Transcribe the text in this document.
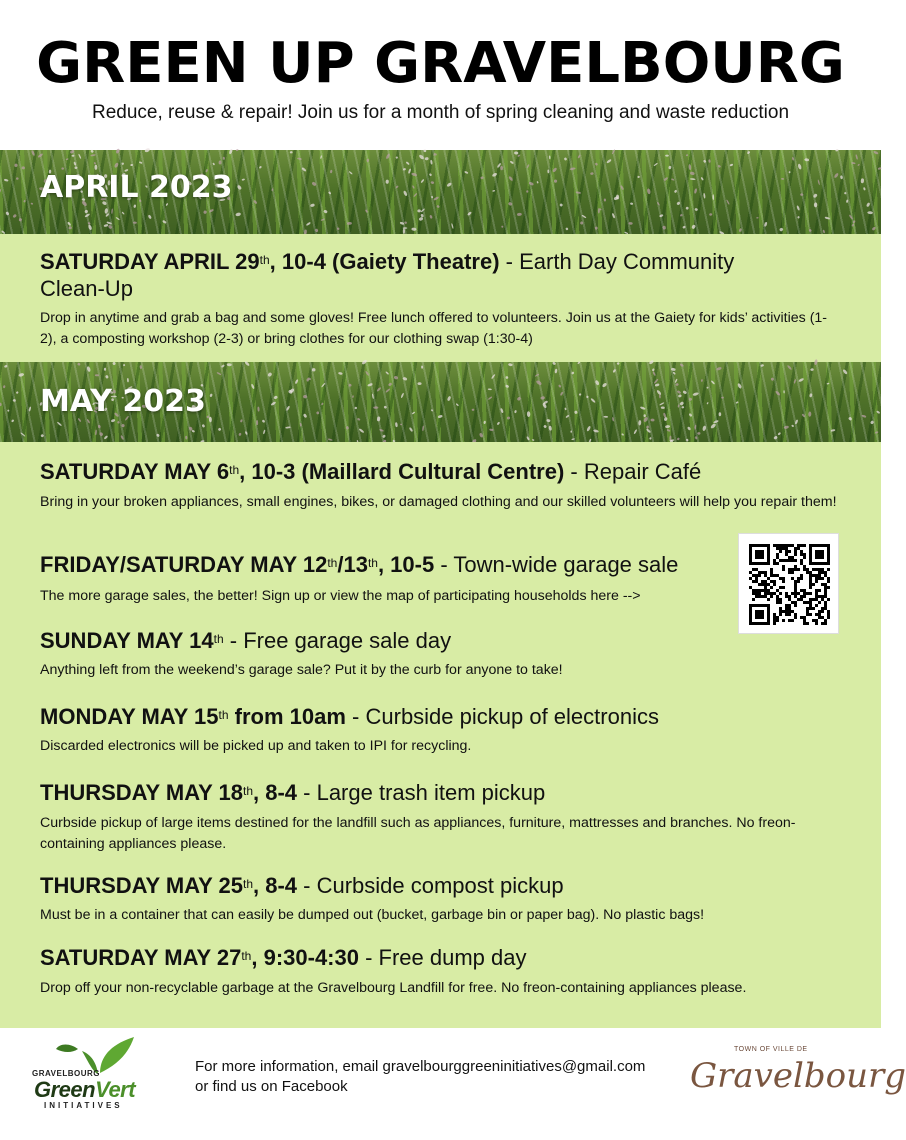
GREEN UP GRAVELBOURG
Reduce, reuse & repair! Join us for a month of spring cleaning and waste reduction
APRIL 2023
SATURDAY APRIL 29th, 10-4 (Gaiety Theatre) - Earth Day Community
Clean-Up
Drop in anytime and grab a bag and some gloves! Free lunch offered to volunteers. Join us at the Gaiety for kids’ activities (1-2), a composting workshop (2-3) or bring clothes for our clothing swap (1:30-4)
MAY 2023
SATURDAY MAY 6th, 10-3 (Maillard Cultural Centre) - Repair Café
Bring in your broken appliances, small engines, bikes, or damaged clothing and our skilled volunteers will help you repair them!
FRIDAY/SATURDAY MAY 12th/13th, 10-5 - Town-wide garage sale
The more garage sales, the better! Sign up or view the map of participating households here -->
SUNDAY MAY 14th - Free garage sale day
Anything left from the weekend’s garage sale? Put it by the curb for anyone to take!
MONDAY MAY 15th from 10am - Curbside pickup of electronics
Discarded electronics will be picked up and taken to IPI for recycling.
THURSDAY MAY 18th, 8-4 - Large trash item pickup
Curbside pickup of large items destined for the landfill such as appliances, furniture, mattresses and branches. No freon-containing appliances please.
THURSDAY MAY 25th, 8-4 - Curbside compost pickup
Must be in a container that can easily be dumped out (bucket, garbage bin or paper bag). No plastic bags!
SATURDAY MAY 27th, 9:30-4:30 - Free dump day
Drop off your non-recyclable garbage at the Gravelbourg Landfill for free. No freon-containing appliances please.
GRAVELBOURG
GreenVert
INITIATIVES
For more information, email gravelbourggreeninitiatives@gmail.com
or find us on Facebook
TOWN OF VILLE DE
Gravelbourg
